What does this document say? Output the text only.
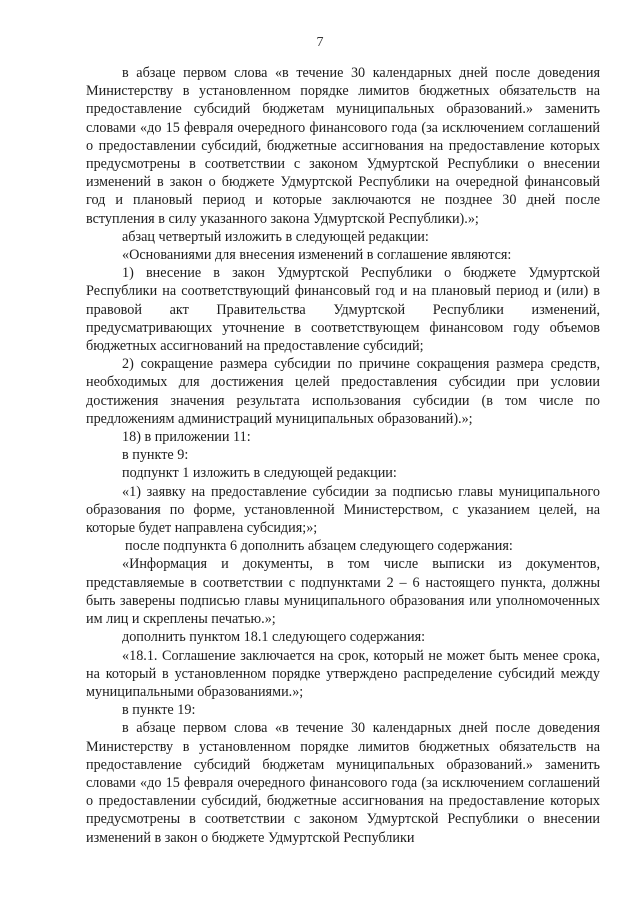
7

в абзаце первом слова «в течение 30 календарных дней после доведения Министерству в установленном порядке лимитов бюджетных обязательств на предоставление субсидий бюджетам муниципальных образований.» заменить словами «до 15 февраля очередного финансового года (за исключением соглашений о предоставлении субсидий, бюджетные ассигнования на предоставление которых предусмотрены в соответствии с законом Удмуртской Республики о внесении изменений в закон о бюджете Удмуртской Республики на очередной финансовый год и плановый период и которые заключаются не позднее 30 дней после вступления в силу указанного закона Удмуртской Республики).»;

абзац четвертый изложить в следующей редакции:

«Основаниями для внесения изменений в соглашение являются:

1) внесение в закон Удмуртской Республики о бюджете Удмуртской Республики на соответствующий финансовый год и на плановый период и (или) в правовой акт Правительства Удмуртской Республики изменений, предусматривающих уточнение в соответствующем финансовом году объемов бюджетных ассигнований на предоставление субсидий;

2) сокращение размера субсидии по причине сокращения размера средств, необходимых для достижения целей предоставления субсидии при условии достижения значения результата использования субсидии (в том числе по предложениям администраций муниципальных образований).»;

18) в приложении 11:

в пункте 9:

подпункт 1 изложить в следующей редакции:

«1) заявку на предоставление субсидии за подписью главы муниципального образования по форме, установленной Министерством, с указанием целей, на которые будет направлена субсидия;»;

после подпункта 6 дополнить абзацем следующего содержания:

«Информация и документы, в том числе выписки из документов, представляемые в соответствии с подпунктами 2 – 6 настоящего пункта, должны быть заверены подписью главы муниципального образования или уполномоченных им лиц и скреплены печатью.»;

дополнить пунктом 18.1 следующего содержания:

«18.1. Соглашение заключается на срок, который не может быть менее срока, на который в установленном порядке утверждено распределение субсидий между муниципальными образованиями.»;

в пункте 19:

в абзаце первом слова «в течение 30 календарных дней после доведения Министерству в установленном порядке лимитов бюджетных обязательств на предоставление субсидий бюджетам муниципальных образований.» заменить словами «до 15 февраля очередного финансового года (за исключением соглашений о предоставлении субсидий, бюджетные ассигнования на предоставление которых предусмотрены в соответствии с законом Удмуртской Республики о внесении изменений в закон о бюджете Удмуртской Республики
